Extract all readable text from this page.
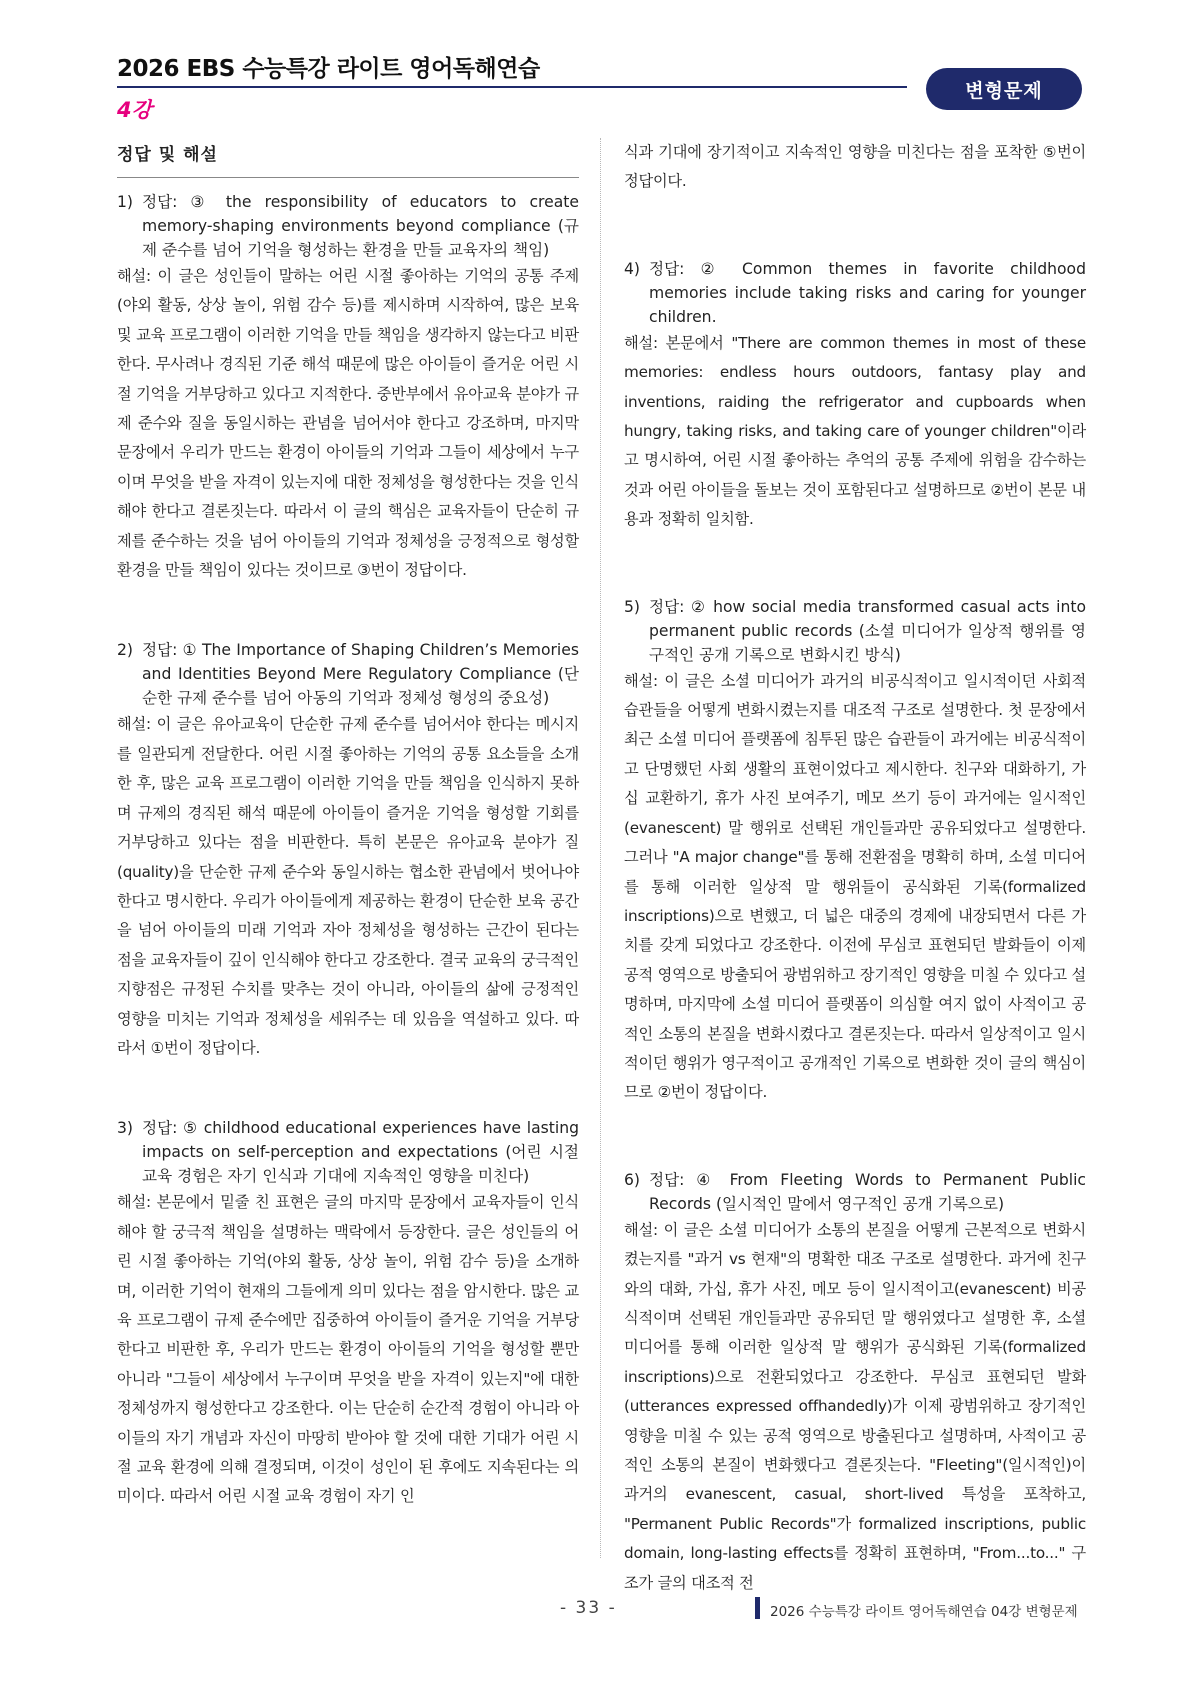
2026 EBS 수능특강 라이트 영어독해연습
4강
변형문제
정답 및 해설
1) 정답: ③ the responsibility of educators to create memory-shaping environments beyond compliance (규제 준수를 넘어 기억을 형성하는 환경을 만들 교육자의 책임)
해설: 이 글은 성인들이 말하는 어린 시절 좋아하는 기억의 공통 주제(야외 활동, 상상 놀이, 위험 감수 등)를 제시하며 시작하여, 많은 보육 및 교육 프로그램이 이러한 기억을 만들 책임을 생각하지 않는다고 비판한다. 무사려나 경직된 기준 해석 때문에 많은 아이들이 즐거운 어린 시절 기억을 거부당하고 있다고 지적한다. 중반부에서 유아교육 분야가 규제 준수와 질을 동일시하는 관념을 넘어서야 한다고 강조하며, 마지막 문장에서 우리가 만드는 환경이 아이들의 기억과 그들이 세상에서 누구이며 무엇을 받을 자격이 있는지에 대한 정체성을 형성한다는 것을 인식해야 한다고 결론짓는다. 따라서 이 글의 핵심은 교육자들이 단순히 규제를 준수하는 것을 넘어 아이들의 기억과 정체성을 긍정적으로 형성할 환경을 만들 책임이 있다는 것이므로 ③번이 정답이다.
2) 정답: ① The Importance of Shaping Children’s Memories and Identities Beyond Mere Regulatory Compliance (단순한 규제 준수를 넘어 아동의 기억과 정체성 형성의 중요성)
해설: 이 글은 유아교육이 단순한 규제 준수를 넘어서야 한다는 메시지를 일관되게 전달한다. 어린 시절 좋아하는 기억의 공통 요소들을 소개한 후, 많은 교육 프로그램이 이러한 기억을 만들 책임을 인식하지 못하며 규제의 경직된 해석 때문에 아이들이 즐거운 기억을 형성할 기회를 거부당하고 있다는 점을 비판한다. 특히 본문은 유아교육 분야가 질(quality)을 단순한 규제 준수와 동일시하는 협소한 관념에서 벗어나야 한다고 명시한다. 우리가 아이들에게 제공하는 환경이 단순한 보육 공간을 넘어 아이들의 미래 기억과 자아 정체성을 형성하는 근간이 된다는 점을 교육자들이 깊이 인식해야 한다고 강조한다. 결국 교육의 궁극적인 지향점은 규정된 수치를 맞추는 것이 아니라, 아이들의 삶에 긍정적인 영향을 미치는 기억과 정체성을 세워주는 데 있음을 역설하고 있다. 따라서 ①번이 정답이다.
3) 정답: ⑤ childhood educational experiences have lasting impacts on self-perception and expectations (어린 시절 교육 경험은 자기 인식과 기대에 지속적인 영향을 미친다)
해설: 본문에서 밑줄 친 표현은 글의 마지막 문장에서 교육자들이 인식해야 할 궁극적 책임을 설명하는 맥락에서 등장한다. 글은 성인들의 어린 시절 좋아하는 기억(야외 활동, 상상 놀이, 위험 감수 등)을 소개하며, 이러한 기억이 현재의 그들에게 의미 있다는 점을 암시한다. 많은 교육 프로그램이 규제 준수에만 집중하여 아이들이 즐거운 기억을 거부당한다고 비판한 후, 우리가 만드는 환경이 아이들의 기억을 형성할 뿐만 아니라 "그들이 세상에서 누구이며 무엇을 받을 자격이 있는지"에 대한 정체성까지 형성한다고 강조한다. 이는 단순히 순간적 경험이 아니라 아이들의 자기 개념과 자신이 마땅히 받아야 할 것에 대한 기대가 어린 시절 교육 환경에 의해 결정되며, 이것이 성인이 된 후에도 지속된다는 의미이다. 따라서 어린 시절 교육 경험이 자기 인
식과 기대에 장기적이고 지속적인 영향을 미친다는 점을 포착한 ⑤번이 정답이다.
4) 정답: ② Common themes in favorite childhood memories include taking risks and caring for younger children.
해설: 본문에서 "There are common themes in most of these memories: endless hours outdoors, fantasy play and inventions, raiding the refrigerator and cupboards when hungry, taking risks, and taking care of younger children"이라고 명시하여, 어린 시절 좋아하는 추억의 공통 주제에 위험을 감수하는 것과 어린 아이들을 돌보는 것이 포함된다고 설명하므로 ②번이 본문 내용과 정확히 일치함.
5) 정답: ② how social media transformed casual acts into permanent public records (소셜 미디어가 일상적 행위를 영구적인 공개 기록으로 변화시킨 방식)
해설: 이 글은 소셜 미디어가 과거의 비공식적이고 일시적이던 사회적 습관들을 어떻게 변화시켰는지를 대조적 구조로 설명한다. 첫 문장에서 최근 소셜 미디어 플랫폼에 침투된 많은 습관들이 과거에는 비공식적이고 단명했던 사회 생활의 표현이었다고 제시한다. 친구와 대화하기, 가십 교환하기, 휴가 사진 보여주기, 메모 쓰기 등이 과거에는 일시적인(evanescent) 말 행위로 선택된 개인들과만 공유되었다고 설명한다. 그러나 "A major change"를 통해 전환점을 명확히 하며, 소셜 미디어를 통해 이러한 일상적 말 행위들이 공식화된 기록(formalized inscriptions)으로 변했고, 더 넓은 대중의 경제에 내장되면서 다른 가치를 갖게 되었다고 강조한다. 이전에 무심코 표현되던 발화들이 이제 공적 영역으로 방출되어 광범위하고 장기적인 영향을 미칠 수 있다고 설명하며, 마지막에 소셜 미디어 플랫폼이 의심할 여지 없이 사적이고 공적인 소통의 본질을 변화시켰다고 결론짓는다. 따라서 일상적이고 일시적이던 행위가 영구적이고 공개적인 기록으로 변화한 것이 글의 핵심이므로 ②번이 정답이다.
6) 정답: ④ From Fleeting Words to Permanent Public Records (일시적인 말에서 영구적인 공개 기록으로)
해설: 이 글은 소셜 미디어가 소통의 본질을 어떻게 근본적으로 변화시켰는지를 "과거 vs 현재"의 명확한 대조 구조로 설명한다. 과거에 친구와의 대화, 가십, 휴가 사진, 메모 등이 일시적이고(evanescent) 비공식적이며 선택된 개인들과만 공유되던 말 행위였다고 설명한 후, 소셜 미디어를 통해 이러한 일상적 말 행위가 공식화된 기록(formalized inscriptions)으로 전환되었다고 강조한다. 무심코 표현되던 발화(utterances expressed offhandedly)가 이제 광범위하고 장기적인 영향을 미칠 수 있는 공적 영역으로 방출된다고 설명하며, 사적이고 공적인 소통의 본질이 변화했다고 결론짓는다. "Fleeting"(일시적인)이 과거의 evanescent, casual, short-lived 특성을 포착하고, "Permanent Public Records"가 formalized inscriptions, public domain, long-lasting effects를 정확히 표현하며, "From...to..." 구조가 글의 대조적 전
- 33 -	2026 수능특강 라이트 영어독해연습 04강 변형문제
